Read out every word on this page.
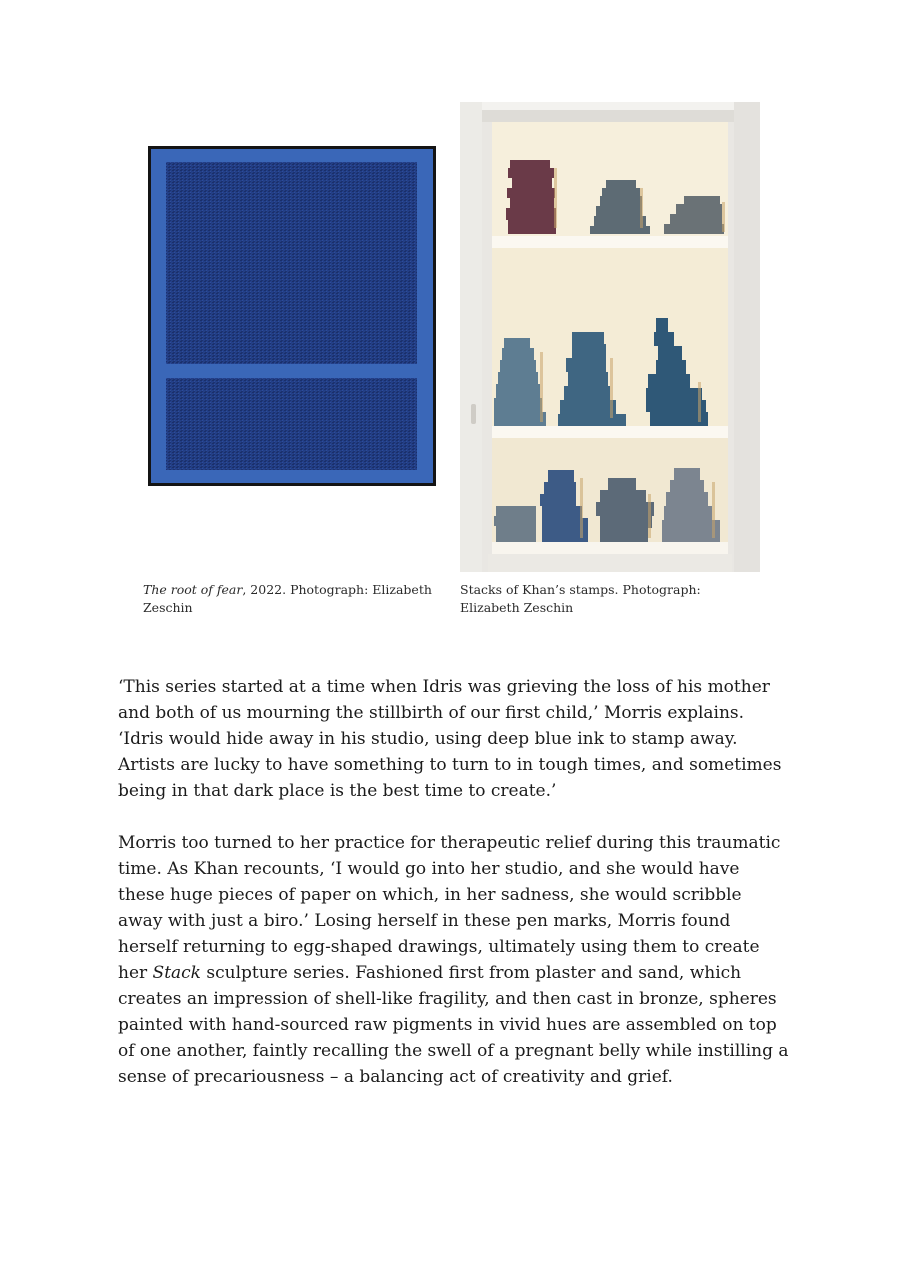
The root of fear, 2022. Photograph: Elizabeth Zeschin
Stacks of Khan’s stamps. Photograph: Elizabeth Zeschin

‘This series started at a time when Idris was grieving the loss of his mother and both of us mourning the stillbirth of our first child,’ Morris explains. ‘Idris would hide away in his studio, using deep blue ink to stamp away. Artists are lucky to have something to turn to in tough times, and sometimes being in that dark place is the best time to create.’

Morris too turned to her practice for therapeutic relief during this traumatic time. As Khan recounts, ‘I would go into her studio, and she would have these huge pieces of paper on which, in her sadness, she would scribble away with just a biro.’ Losing herself in these pen marks, Morris found herself returning to egg-shaped drawings, ultimately using them to create her Stack sculpture series. Fashioned first from plaster and sand, which creates an impression of shell-like fragility, and then cast in bronze, spheres painted with hand-sourced raw pigments in vivid hues are assembled on top of one another, faintly recalling the swell of a pregnant belly while instilling a sense of precariousness – a balancing act of creativity and grief.
